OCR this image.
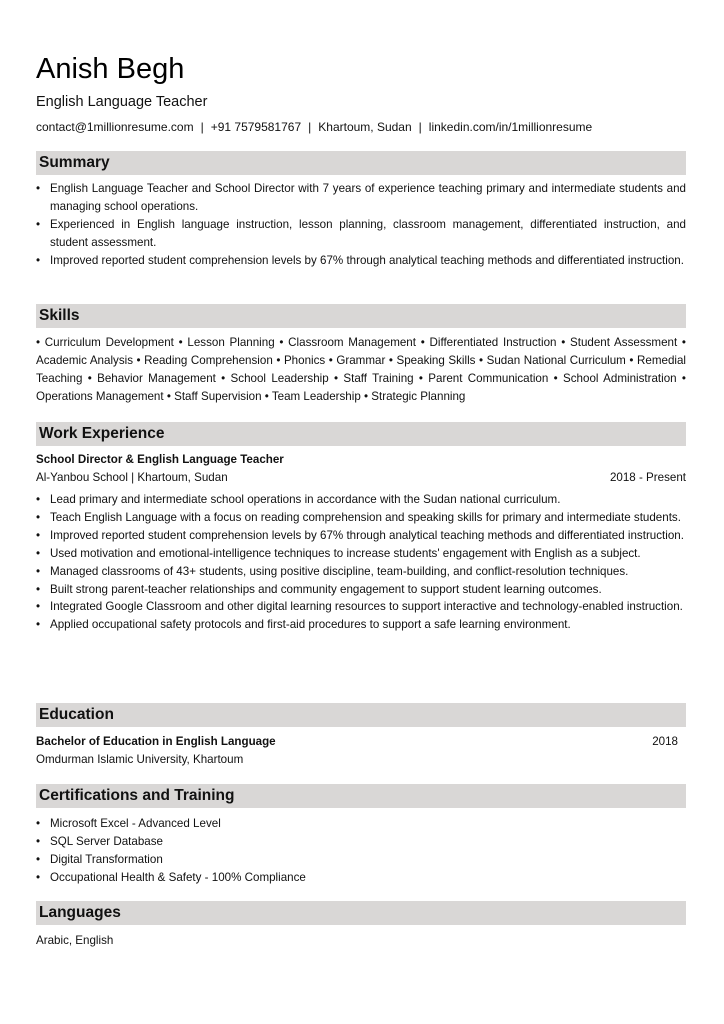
Anish Begh
English Language Teacher
contact@1millionresume.com | +91 7579581767 | Khartoum, Sudan | linkedin.com/in/1millionresume
Summary
• English Language Teacher and School Director with 7 years of experience teaching primary and intermediate students and managing school operations.
• Experienced in English language instruction, lesson planning, classroom management, differentiated instruction, and student assessment.
• Improved reported student comprehension levels by 67% through analytical teaching methods and differentiated instruction.
Skills

• Curriculum Development • Lesson Planning • Classroom Management • Differentiated Instruction • Student Assessment • Academic Analysis • Reading Comprehension • Phonics • Grammar • Speaking Skills • Sudan National Curriculum • Remedial Teaching • Behavior Management • School Leadership • Staff Training • Parent Communication • School Administration • Operations Management • Staff Supervision • Team Leadership • Strategic Planning

Work Experience
School Director & English Language Teacher
Al-Yanbou School | Khartoum, Sudan	2018 - Present
• Lead primary and intermediate school operations in accordance with the Sudan national curriculum.
• Teach English Language with a focus on reading comprehension and speaking skills for primary and intermediate students.
• Improved reported student comprehension levels by 67% through analytical teaching methods and differentiated instruction.
• Used motivation and emotional-intelligence techniques to increase students' engagement with English as a subject.
• Managed classrooms of 43+ students, using positive discipline, team-building, and conflict-resolution techniques.
• Built strong parent-teacher relationships and community engagement to support student learning outcomes.
• Integrated Google Classroom and other digital learning resources to support interactive and technology-enabled instruction.
• Applied occupational safety protocols and first-aid procedures to support a safe learning environment.
Education
Bachelor of Education in English Language	2018
Omdurman Islamic University, Khartoum
Certifications and Training
• Microsoft Excel - Advanced Level
• SQL Server Database
• Digital Transformation
• Occupational Health & Safety - 100% Compliance
Languages
Arabic, English
